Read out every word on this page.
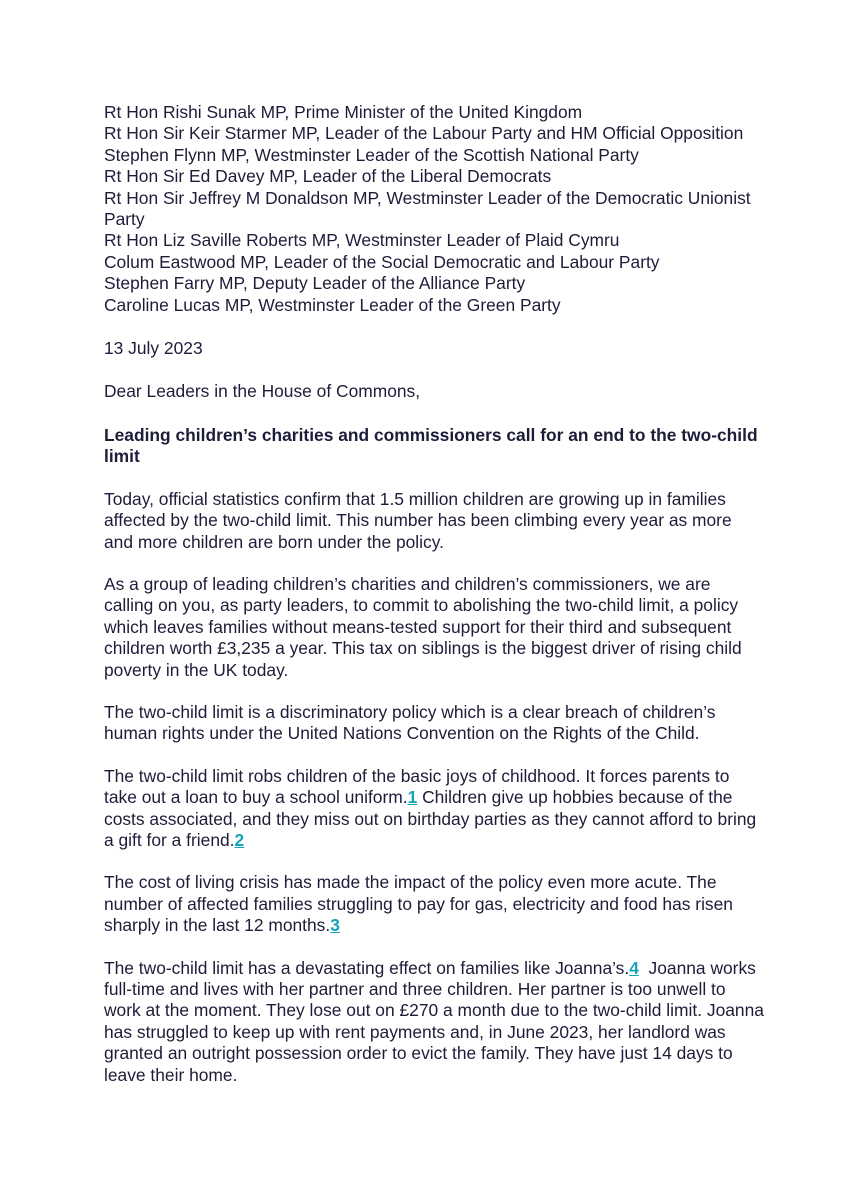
Rt Hon Rishi Sunak MP, Prime Minister of the United Kingdom
Rt Hon Sir Keir Starmer MP, Leader of the Labour Party and HM Official Opposition
Stephen Flynn MP, Westminster Leader of the Scottish National Party
Rt Hon Sir Ed Davey MP, Leader of the Liberal Democrats
Rt Hon Sir Jeffrey M Donaldson MP, Westminster Leader of the Democratic Unionist Party
Rt Hon Liz Saville Roberts MP, Westminster Leader of Plaid Cymru
Colum Eastwood MP, Leader of the Social Democratic and Labour Party
Stephen Farry MP, Deputy Leader of the Alliance Party
Caroline Lucas MP, Westminster Leader of the Green Party
13 July 2023
Dear Leaders in the House of Commons,
Leading children’s charities and commissioners call for an end to the two-child limit

Today, official statistics confirm that 1.5 million children are growing up in families affected by the two-child limit. This number has been climbing every year as more and more children are born under the policy.

As a group of leading children’s charities and children’s commissioners, we are calling on you, as party leaders, to commit to abolishing the two-child limit, a policy which leaves families without means-tested support for their third and subsequent children worth £3,235 a year. This tax on siblings is the biggest driver of rising child poverty in the UK today.

The two-child limit is a discriminatory policy which is a clear breach of children’s human rights under the United Nations Convention on the Rights of the Child.

The two-child limit robs children of the basic joys of childhood. It forces parents to take out a loan to buy a school uniform.1 Children give up hobbies because of the costs associated, and they miss out on birthday parties as they cannot afford to bring a gift for a friend.2

The cost of living crisis has made the impact of the policy even more acute. The number of affected families struggling to pay for gas, electricity and food has risen sharply in the last 12 months.3

The two-child limit has a devastating effect on families like Joanna’s.4  Joanna works full-time and lives with her partner and three children. Her partner is too unwell to work at the moment. They lose out on £270 a month due to the two-child limit. Joanna has struggled to keep up with rent payments and, in June 2023, her landlord was granted an outright possession order to evict the family. They have just 14 days to leave their home.
